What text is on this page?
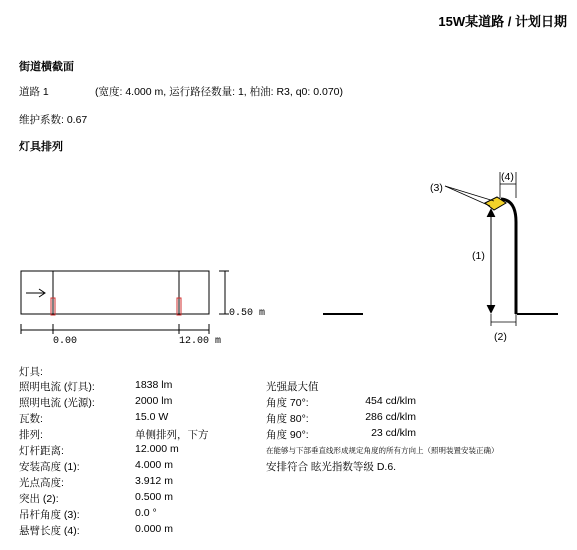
15W某道路 / 计划日期
街道横截面
道路 1	(宽度: 4.000 m, 运行路径数量: 1, 柏油: R3, q0: 0.070)
维护系数: 0.67
灯具排列
0.00	12.00 m
0.50 m
(1)
(2)
(3)
(4)
灯具:
照明电流 (灯具):	1838 lm
照明电流 (光源):	2000 lm
瓦数:	15.0 W
排列:	单侧排列，下方
灯杆距离:	12.000 m
安装高度 (1):	4.000 m
光点高度:	3.912 m
突出 (2):	0.500 m
吊杆角度 (3):	0.0 °
悬臂长度 (4):	0.000 m
光强最大值
角度 70°:	454 cd/klm
角度 80°:	286 cd/klm
角度 90°:	23 cd/klm
在能够与下部垂直线形成规定角度的所有方向上（照明装置安装正确）
安排符合 眩光指数等级 D.6.
